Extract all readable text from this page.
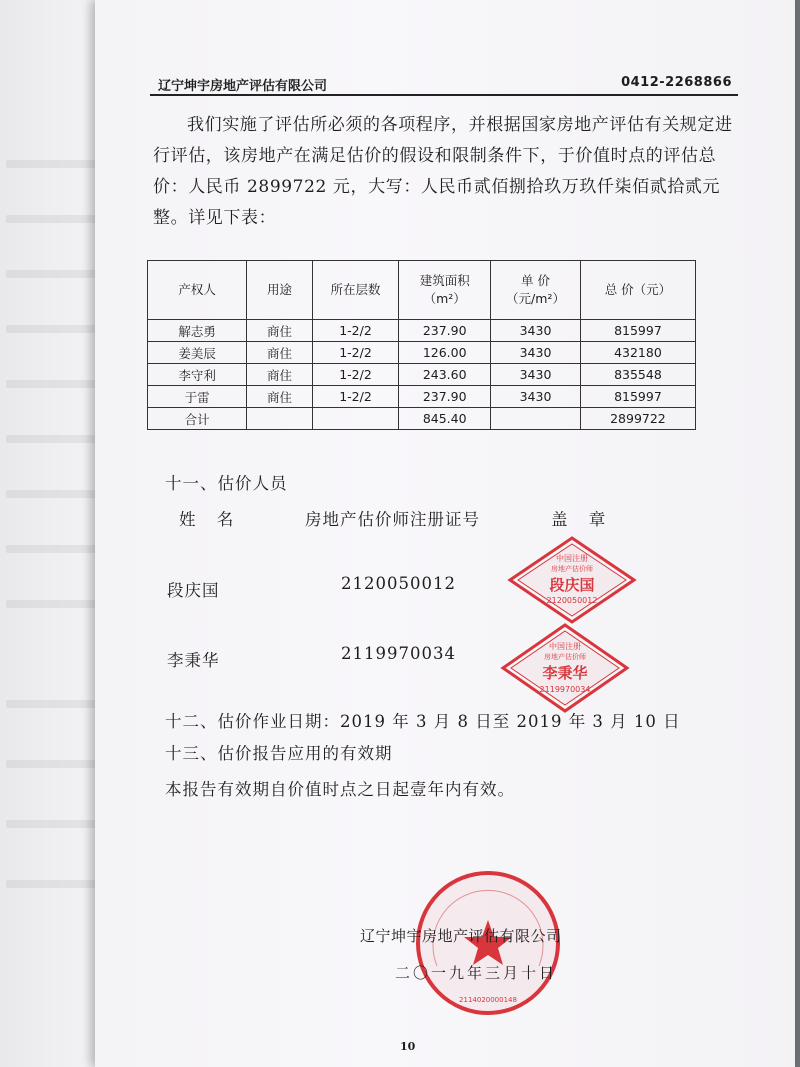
辽宁坤宇房地产评估有限公司	0412-2268866
我们实施了评估所必须的各项程序，并根据国家房地产评估有关规定进行评估，该房地产在满足估价的假设和限制条件下，于价值时点的评估总价：人民币 2899722 元，大写：人民币贰佰捌拾玖万玖仟柒佰贰拾贰元整。详见下表：
产权人	用途	所在层数	建筑面积（m²）	单 价（元/m²）	总 价（元）
解志勇	商住	1-2/2	237.90	3430	815997
姜美辰	商住	1-2/2	126.00	3430	432180
李守利	商住	1-2/2	243.60	3430	835548
于雷	商住	1-2/2	237.90	3430	815997
合计			845.40		2899722
十一、估价人员
姓 名	房地产估价师注册证号	盖 章
段庆国	2120050012
李秉华	2119970034
十二、估价作业日期：2019 年 3 月 8 日至 2019 年 3 月 10 日
十三、估价报告应用的有效期
本报告有效期自价值时点之日起壹年内有效。
中国注册
房地产估价师
段庆国
2120050012
中国注册
房地产估价师
李秉华
2119970034
2114020000148
辽宁坤宇房地产评估有限公司
二〇一九年三月十日
10
